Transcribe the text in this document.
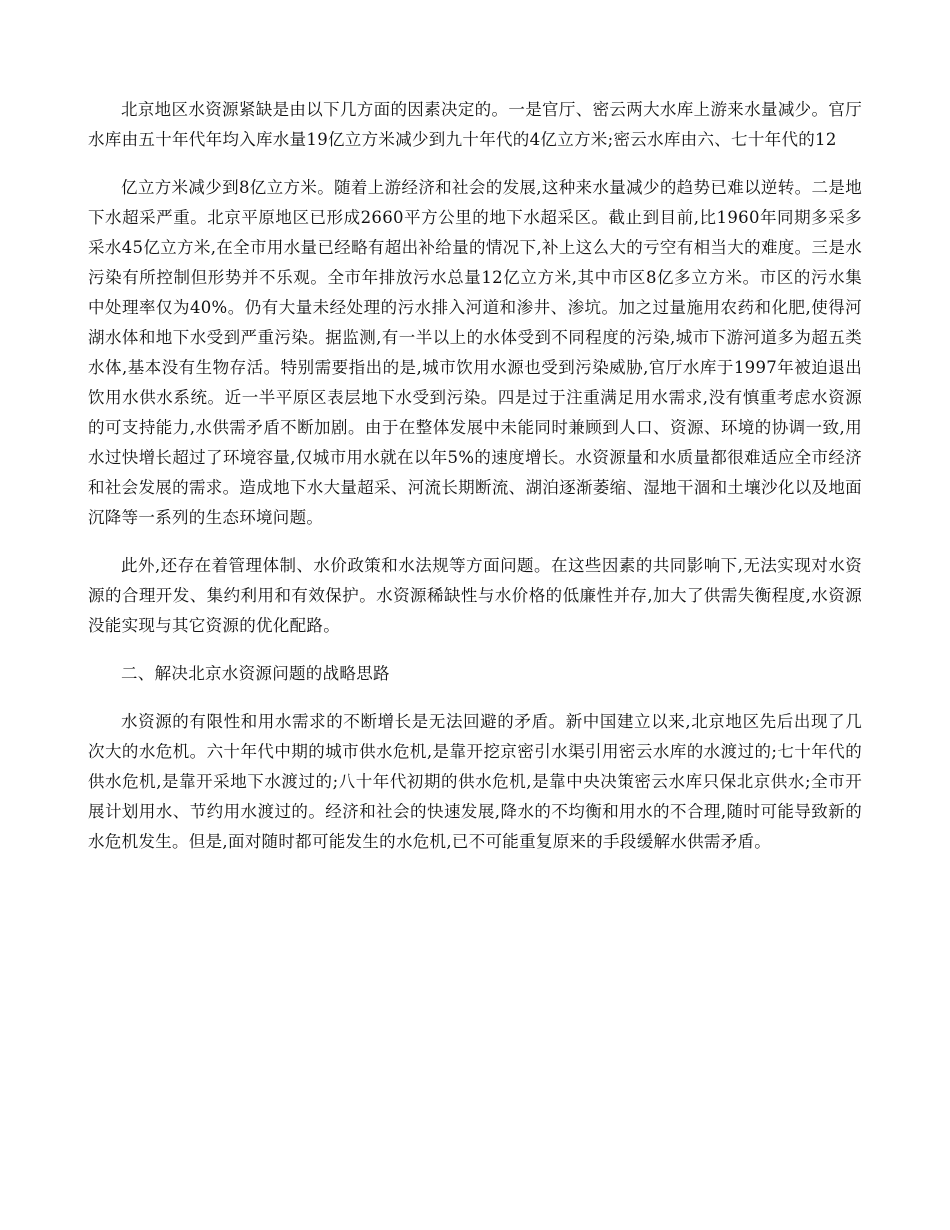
北京地区水资源紧缺是由以下几方面的因素决定的。一是官厅、密云两大水库上游来水量减少。官厅水库由五十年代年均入库水量19亿立方米减少到九十年代的4亿立方米;密云水库由六、七十年代的12

亿立方米减少到8亿立方米。随着上游经济和社会的发展,这种来水量减少的趋势已难以逆转。二是地下水超采严重。北京平原地区已形成2660平方公里的地下水超采区。截止到目前,比1960年同期多采多采水45亿立方米,在全市用水量已经略有超出补给量的情况下,补上这么大的亏空有相当大的难度。三是水污染有所控制但形势并不乐观。全市年排放污水总量12亿立方米,其中市区8亿多立方米。市区的污水集中处理率仅为40%。仍有大量未经处理的污水排入河道和渗井、渗坑。加之过量施用农药和化肥,使得河湖水体和地下水受到严重污染。据监测,有一半以上的水体受到不同程度的污染,城市下游河道多为超五类水体,基本没有生物存活。特别需要指出的是,城市饮用水源也受到污染威胁,官厅水库于1997年被迫退出饮用水供水系统。近一半平原区表层地下水受到污染。四是过于注重满足用水需求,没有慎重考虑水资源的可支持能力,水供需矛盾不断加剧。由于在整体发展中未能同时兼顾到人口、资源、环境的协调一致,用水过快增长超过了环境容量,仅城市用水就在以年5%的速度增长。水资源量和水质量都很难适应全市经济和社会发展的需求。造成地下水大量超采、河流长期断流、湖泊逐渐萎缩、湿地干涸和土壤沙化以及地面沉降等一系列的生态环境问题。

此外,还存在着管理体制、水价政策和水法规等方面问题。在这些因素的共同影响下,无法实现对水资源的合理开发、集约利用和有效保护。水资源稀缺性与水价格的低廉性并存,加大了供需失衡程度,水资源没能实现与其它资源的优化配路。

二、解决北京水资源问题的战略思路

水资源的有限性和用水需求的不断增长是无法回避的矛盾。新中国建立以来,北京地区先后出现了几次大的水危机。六十年代中期的城市供水危机,是靠开挖京密引水渠引用密云水库的水渡过的;七十年代的供水危机,是靠开采地下水渡过的;八十年代初期的供水危机,是靠中央决策密云水库只保北京供水;全市开展计划用水、节约用水渡过的。经济和社会的快速发展,降水的不均衡和用水的不合理,随时可能导致新的水危机发生。但是,面对随时都可能发生的水危机,已不可能重复原来的手段缓解水供需矛盾。
